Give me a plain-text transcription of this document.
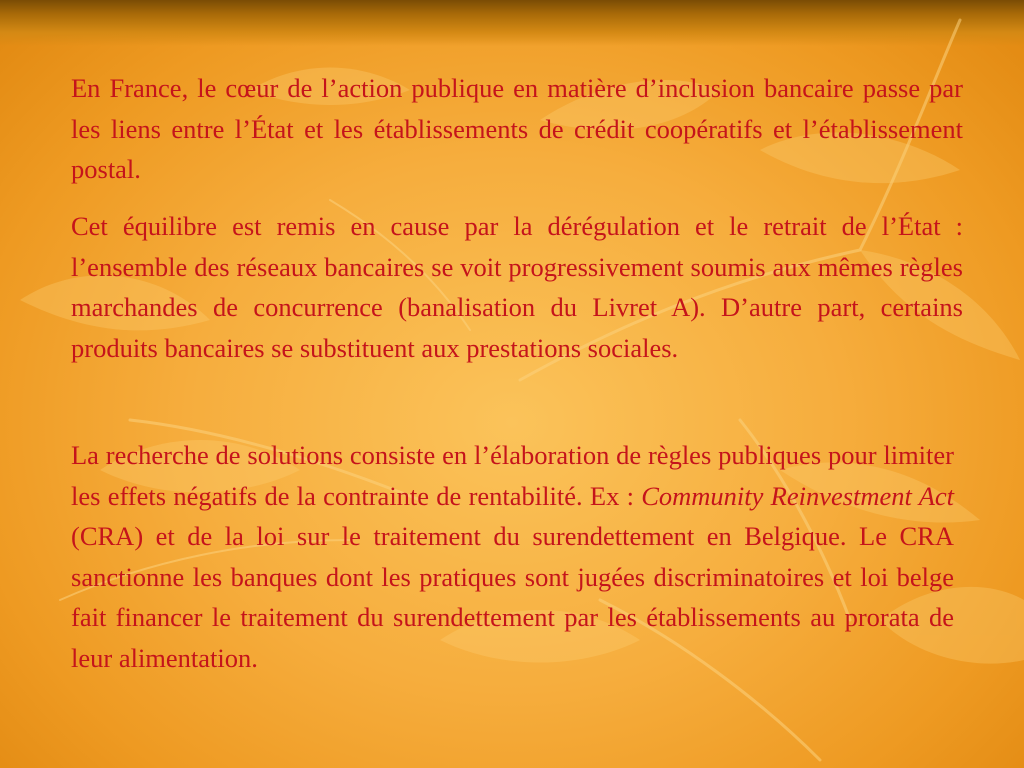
En France, le cœur de l’action publique en matière d’inclusion bancaire passe par les liens entre l’État et les établissements de crédit coopératifs et l’établissement postal.
Cet équilibre est remis en cause par la dérégulation et le retrait de l’État : l’ensemble des réseaux bancaires se voit progressivement soumis aux mêmes règles marchandes de concurrence (banalisation du Livret A). D’autre part, certains produits bancaires se substituent aux prestations sociales.
La recherche de solutions consiste en l’élaboration de règles publiques pour limiter les effets négatifs de la contrainte de rentabilité. Ex : Community Reinvestment Act (CRA) et de la loi sur le traitement du surendettement en Belgique. Le CRA sanctionne les banques dont les pratiques sont jugées discriminatoires et loi belge fait financer le traitement du surendettement par les établissements au prorata de leur alimentation.
